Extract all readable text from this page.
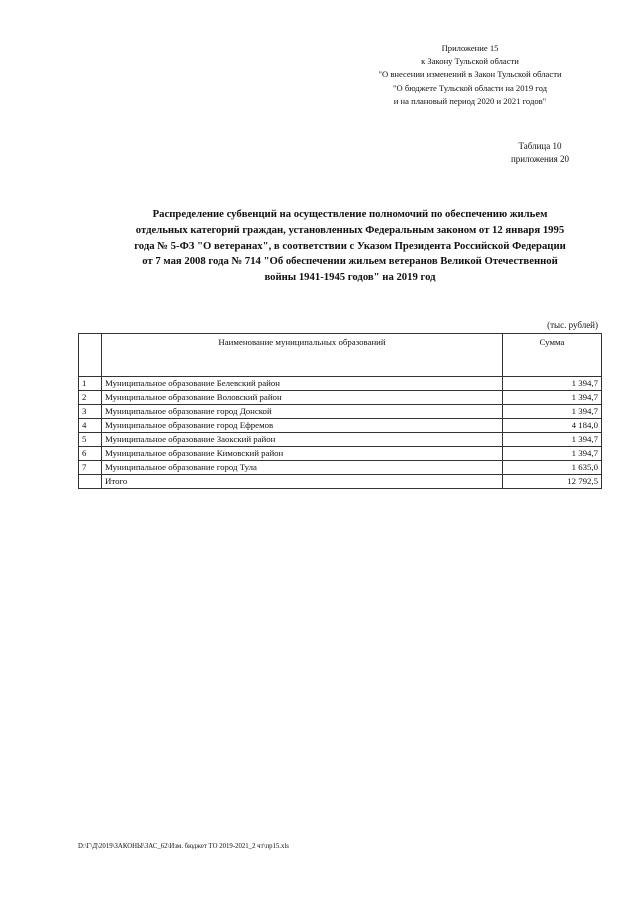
Приложение 15
к Закону Тульской области
"О внесении изменений в Закон Тульской области
"О бюджете Тульской области на 2019 год
и на плановый период 2020 и 2021 годов"
Таблица 10
приложения 20
Распределение субвенций на осуществление полномочий по обеспечению жильем
отдельных категорий граждан, установленных Федеральным законом от 12 января 1995
года № 5-ФЗ "О ветеранах", в соответствии с Указом Президента Российской Федерации
от 7 мая 2008 года № 714 "Об обеспечении жильем ветеранов Великой Отечественной
войны 1941-1945 годов" на 2019 год
(тыс. рублей)
	Наименование муниципальных образований	Сумма
1	Муниципальное образование Белевский район	1 394,7
2	Муниципальное образование Воловский район	1 394,7
3	Муниципальное образование город Донской	1 394,7
4	Муниципальное образование город Ефремов	4 184,0
5	Муниципальное образование Заокский район	1 394,7
6	Муниципальное образование Кимовский район	1 394,7
7	Муниципальное образование город Тула	1 635,0
	Итого	12 792,5
D:\Г\Д\2019\ЗАКОНЫ\ЗАС_62\Изм. бюджет ТО 2019-2021_2 чт\пр15.xls
